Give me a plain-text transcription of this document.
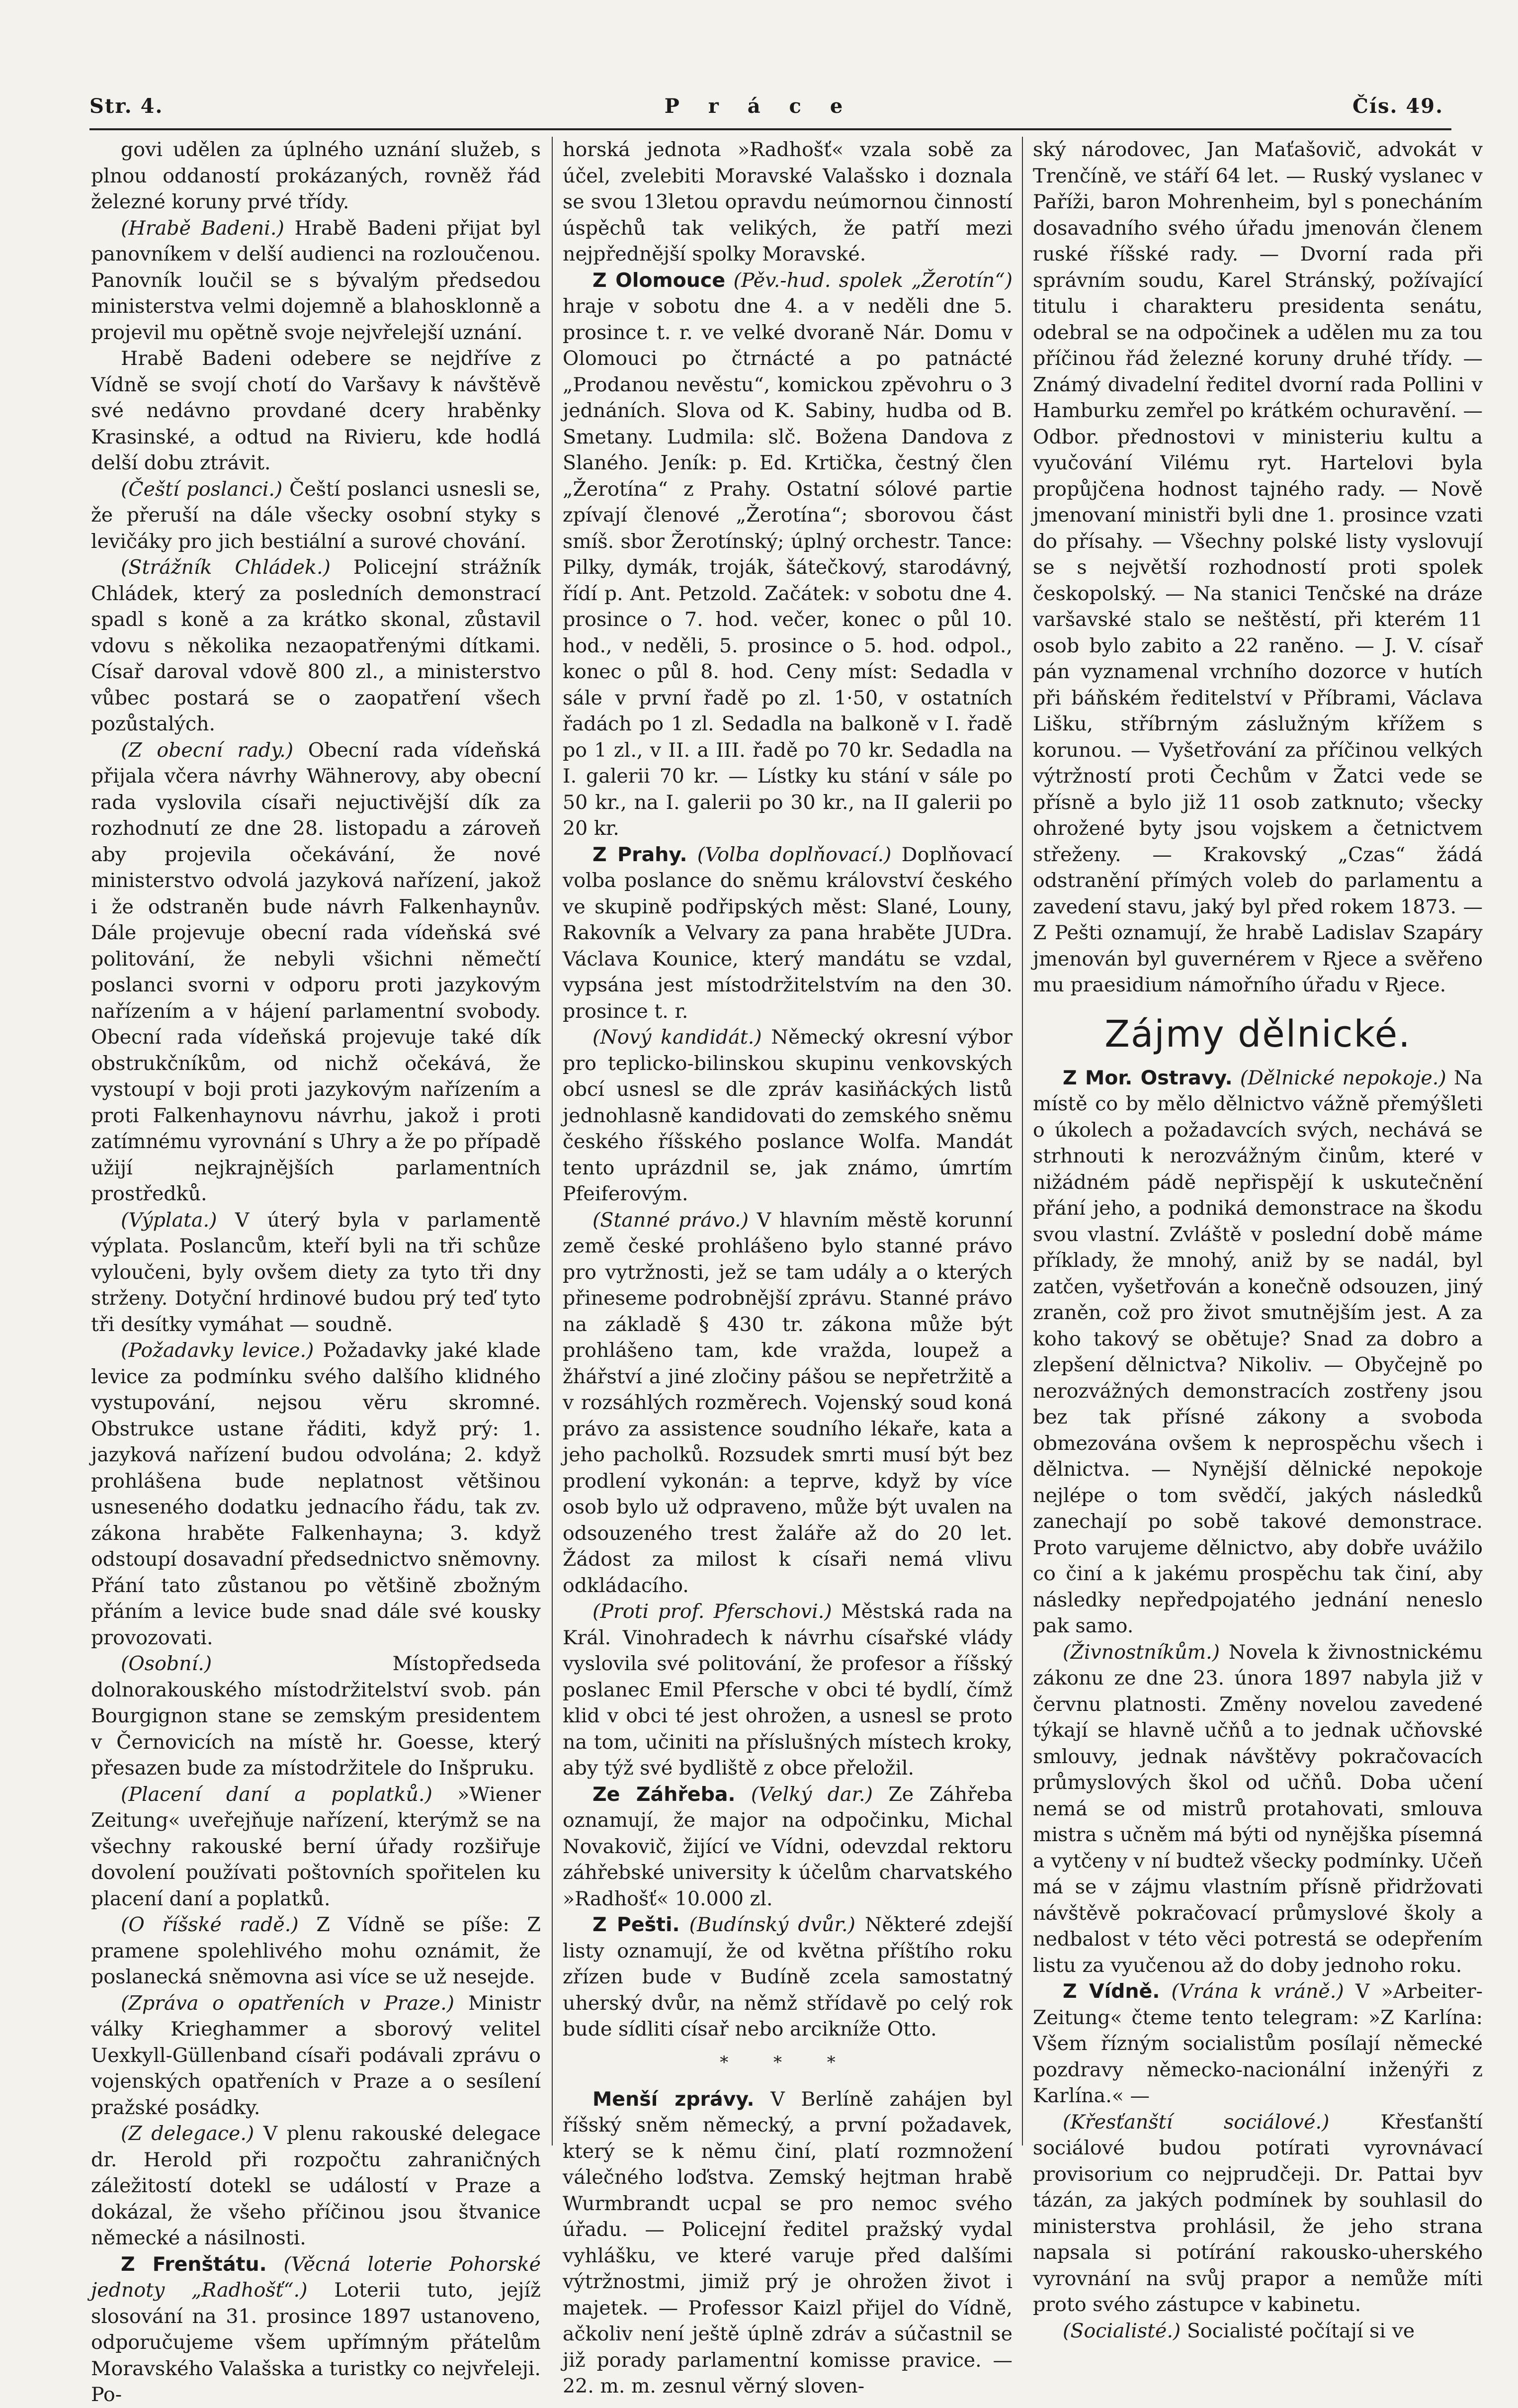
Str. 4.	P r á c e	Čís. 49.

govi udělen za úplného uznání služeb, s plnou oddaností prokázaných, rovněž řád železné koruny prvé třídy.

(Hrabě Badeni.) Hrabě Badeni přijat byl panovníkem v delší audienci na rozloučenou. Panovník loučil se s bývalým předsedou ministerstva velmi dojemně a blahosklonně a projevil mu opětně svoje nejvřelejší uznání.

Hrabě Badeni odebere se nejdříve z Vídně se svojí chotí do Varšavy k návštěvě své nedávno provdané dcery hraběnky Krasinské, a odtud na Rivieru, kde hodlá delší dobu ztrávit.

(Čeští poslanci.) Čeští poslanci usnesli se, že přeruší na dále všecky osobní styky s levičáky pro jich bestiální a surové chování.

(Strážník Chládek.) Policejní strážník Chládek, který za posledních demonstrací spadl s koně a za krátko skonal, zůstavil vdovu s několika nezaopatřenými dítkami. Císař daroval vdově 800 zl., a ministerstvo vůbec postará se o zaopatření všech pozůstalých.

(Z obecní rady.) Obecní rada vídeňská přijala včera návrhy Wähnerovy, aby obecní rada vyslovila císaři nejuctivější dík za rozhodnutí ze dne 28. listopadu a zároveň aby projevila očekávání, že nové ministerstvo odvolá jazyková nařízení, jakož i že odstraněn bude návrh Falkenhaynův. Dále projevuje obecní rada vídeňská své politování, že nebyli všichni němečtí poslanci svorni v odporu proti jazykovým nařízením a v hájení parlamentní svobody. Obecní rada vídeňská projevuje také dík obstrukčníkům, od nichž očekává, že vystoupí v boji proti jazykovým nařízením a proti Falkenhaynovu návrhu, jakož i proti zatímnému vyrovnání s Uhry a že po případě užijí nejkrajnějších parlamentních prostředků.

(Výplata.) V úterý byla v parlamentě výplata. Poslancům, kteří byli na tři schůze vyloučeni, byly ovšem diety za tyto tři dny strženy. Dotyční hrdinové budou prý teď tyto tři desítky vymáhat — soudně.

(Požadavky levice.) Požadavky jaké klade levice za podmínku svého dalšího klidného vystupování, nejsou věru skromné. Obstrukce ustane řáditi, když prý: 1. jazyková nařízení budou odvolána; 2. když prohlášena bude neplatnost většinou usneseného dodatku jednacího řádu, tak zv. zákona hraběte Falkenhayna; 3. když odstoupí dosavadní předsednictvo sněmovny. Přání tato zůstanou po většině zbožným přáním a levice bude snad dále své kousky provozovati.

(Osobní.) Místopředseda dolnorakouského místodržitelství svob. pán Bourgignon stane se zemským presidentem v Černovicích na místě hr. Goesse, který přesazen bude za místodržitele do Inšpruku.

(Placení daní a poplatků.) »Wiener Zeitung« uveřejňuje nařízení, kterýmž se na všechny rakouské berní úřady rozšiřuje dovolení používati poštovních spořitelen ku placení daní a poplatků.

(O říšské radě.) Z Vídně se píše: Z pramene spolehlivého mohu oznámit, že poslanecká sněmovna asi více se už nesejde.

(Zpráva o opatřeních v Praze.) Ministr války Krieghammer a sborový velitel Uexkyll-Güllenband císaři podávali zprávu o vojenských opatřeních v Praze a o sesílení pražské posádky.

(Z delegace.) V plenu rakouské delegace dr. Herold při rozpočtu zahraničných záležitostí dotekl se událostí v Praze a dokázal, že všeho příčinou jsou štvanice německé a násilnosti.

Z Frenštátu. (Věcná loterie Pohorské jednoty „Radhošť“.) Loterii tuto, jejíž slosování na 31. prosince 1897 ustanoveno, odporučujeme všem upřímným přátelům Moravského Valašska a turistky co nejvřeleji. Po-

horská jednota »Radhošť« vzala sobě za účel, zvelebiti Moravské Valašsko i doznala se svou 13letou opravdu neúmornou činností úspěchů tak velikých, že patří mezi nejpřednější spolky Moravské.

Z Olomouce (Pěv.-hud. spolek „Žerotín“) hraje v sobotu dne 4. a v neděli dne 5. prosince t. r. ve velké dvoraně Nár. Domu v Olomouci po čtrnácté a po patnácté „Prodanou nevěstu“, komickou zpěvohru o 3 jednáních. Slova od K. Sabiny, hudba od B. Smetany. Ludmila: slč. Božena Dandova z Slaného. Jeník: p. Ed. Krtička, čestný člen „Žerotína“ z Prahy. Ostatní sólové partie zpívají členové „Žerotína“; sborovou část smíš. sbor Žerotínský; úplný orchestr. Tance: Pilky, dymák, troják, šátečkový, starodávný, řídí p. Ant. Petzold. Začátek: v sobotu dne 4. prosince o 7. hod. večer, konec o půl 10. hod., v neděli, 5. prosince o 5. hod. odpol., konec o půl 8. hod. Ceny míst: Sedadla v sále v první řadě po zl. 1·50, v ostatních řadách po 1 zl. Sedadla na balkoně v I. řadě po 1 zl., v II. a III. řadě po 70 kr. Sedadla na I. galerii 70 kr. — Lístky ku stání v sále po 50 kr., na I. galerii po 30 kr., na II galerii po 20 kr.

Z Prahy. (Volba doplňovací.) Doplňovací volba poslance do sněmu království českého ve skupině podřipských měst: Slané, Louny, Rakovník a Velvary za pana hraběte JUDra. Václava Kounice, který mandátu se vzdal, vypsána jest místodržitelstvím na den 30. prosince t. r.

(Nový kandidát.) Německý okresní výbor pro teplicko-bilinskou skupinu venkovských obcí usnesl se dle zpráv kasiňáckých listů jednohlasně kandidovati do zemského sněmu českého říšského poslance Wolfa. Mandát tento uprázdnil se, jak známo, úmrtím Pfeiferovým.

(Stanné právo.) V hlavním městě korunní země české prohlášeno bylo stanné právo pro vytržnosti, jež se tam udály a o kterých přineseme podrobnější zprávu. Stanné právo na základě § 430 tr. zákona může být prohlášeno tam, kde vražda, loupež a žhářství a jiné zločiny pášou se nepřetržitě a v rozsáhlých rozměrech. Vojenský soud koná právo za assistence soudního lékaře, kata a jeho pacholků. Rozsudek smrti musí být bez prodlení vykonán: a teprve, když by více osob bylo už odpraveno, může být uvalen na odsouzeného trest žaláře až do 20 let. Žádost za milost k císaři nemá vlivu odkládacího.

(Proti prof. Pferschovi.) Městská rada na Král. Vinohradech k návrhu císařské vlády vyslovila své politování, že profesor a říšský poslanec Emil Pfersche v obci té bydlí, čímž klid v obci té jest ohrožen, a usnesl se proto na tom, učiniti na příslušných místech kroky, aby týž své bydliště z obce přeložil.

Ze Záhřeba. (Velký dar.) Ze Záhřeba oznamují, že major na odpočinku, Michal Novakovič, žijící ve Vídni, odevzdal rektoru záhřebské university k účelům charvatského »Radhošť« 10.000 zl.

Z Pešti. (Budínský dvůr.) Některé zdejší listy oznamují, že od května příštího roku zřízen bude v Budíně zcela samostatný uherský dvůr, na němž střídavě po celý rok bude sídliti císař nebo arcikníže Otto.

* * *

Menší zprávy. V Berlíně zahájen byl říšský sněm německý, a první požadavek, který se k němu činí, platí rozmnožení válečného loďstva. Zemský hejtman hrabě Wurmbrandt ucpal se pro nemoc svého úřadu. — Policejní ředitel pražský vydal vyhlášku, ve které varuje před dalšími výtržnostmi, jimiž prý je ohrožen život i majetek. — Professor Kaizl přijel do Vídně, ačkoliv není ještě úplně zdráv a súčastnil se již porady parlamentní komisse pravice. — 22. m. m. zesnul věrný sloven-

ský národovec, Jan Maťašovič, advokát v Trenčíně, ve stáří 64 let. — Ruský vyslanec v Paříži, baron Mohrenheim, byl s ponecháním dosavadního svého úřadu jmenován členem ruské říšské rady. — Dvorní rada při správním soudu, Karel Stránský, požívající titulu i charakteru presidenta senátu, odebral se na odpočinek a udělen mu za tou příčinou řád železné koruny druhé třídy. — Známý divadelní ředitel dvorní rada Pollini v Hamburku zemřel po krátkém ochuravění. — Odbor. přednostovi v ministeriu kultu a vyučování Vilému ryt. Hartelovi byla propůjčena hodnost tajného rady. — Nově jmenovaní ministři byli dne 1. prosince vzati do přísahy. — Všechny polské listy vyslovují se s největší rozhodností proti spolek českopolský. — Na stanici Tenčské na dráze varšavské stalo se neštěstí, při kterém 11 osob bylo zabito a 22 raněno. — J. V. císař pán vyznamenal vrchního dozorce v hutích při báňském ředitelství v Příbrami, Václava Lišku, stříbrným záslužným křížem s korunou. — Vyšetřování za příčinou velkých výtržností proti Čechům v Žatci vede se přísně a bylo již 11 osob zatknuto; všecky ohrožené byty jsou vojskem a četnictvem střeženy. — Krakovský „Czas“ žádá odstranění přímých voleb do parlamentu a zavedení stavu, jaký byl před rokem 1873. — Z Pešti oznamují, že hrabě Ladislav Szapáry jmenován byl guvernérem v Rjece a svěřeno mu praesidium námořního úřadu v Rjece.

Zájmy dělnické.

Z Mor. Ostravy. (Dělnické nepokoje.) Na místě co by mělo dělnictvo vážně přemýšleti o úkolech a požadavcích svých, nechává se strhnouti k nerozvážným činům, které v nižádném pádě nepřispějí k uskutečnění přání jeho, a podniká demonstrace na škodu svou vlastní. Zvláště v poslední době máme příklady, že mnohý, aniž by se nadál, byl zatčen, vyšetřován a konečně odsouzen, jiný zraněn, což pro život smutnějším jest. A za koho takový se obětuje? Snad za dobro a zlepšení dělnictva? Nikoliv. — Obyčejně po nerozvážných demonstracích zostřeny jsou bez tak přísné zákony a svoboda obmezována ovšem k neprospěchu všech i dělnictva. — Nynější dělnické nepokoje nejlépe o tom svědčí, jakých následků zanechají po sobě takové demonstrace. Proto varujeme dělnictvo, aby dobře uvážilo co činí a k jakému prospěchu tak činí, aby následky nepředpojatého jednání neneslo pak samo.

(Živnostníkům.) Novela k živnostnickému zákonu ze dne 23. února 1897 nabyla již v červnu platnosti. Změny novelou zavedené týkají se hlavně učňů a to jednak učňovské smlouvy, jednak návštěvy pokračovacích průmyslových škol od učňů. Doba učení nemá se od mistrů protahovati, smlouva mistra s učněm má býti od nynějška písemná a vytčeny v ní budtež všecky podmínky. Učeň má se v zájmu vlastním přísně přidržovati návštěvě pokračovací průmyslové školy a nedbalost v této věci potrestá se odepřením listu za vyučenou až do doby jednoho roku.

Z Vídně. (Vrána k vráně.) V »Arbeiter-Zeitung« čteme tento telegram: »Z Karlína: Všem řízným socialistům posílají německé pozdravy německo-nacionální inženýři z Karlína.« —

(Křesťanští sociálové.) Křesťanští sociálové budou potírati vyrovnávací provisorium co nejprudčeji. Dr. Pattai byv tázán, za jakých podmínek by souhlasil do ministerstva prohlásil, že jeho strana napsala si potírání rakousko-uherského vyrovnání na svůj prapor a nemůže míti proto svého zástupce v kabinetu.

(Socialisté.) Socialisté počítají si ve
